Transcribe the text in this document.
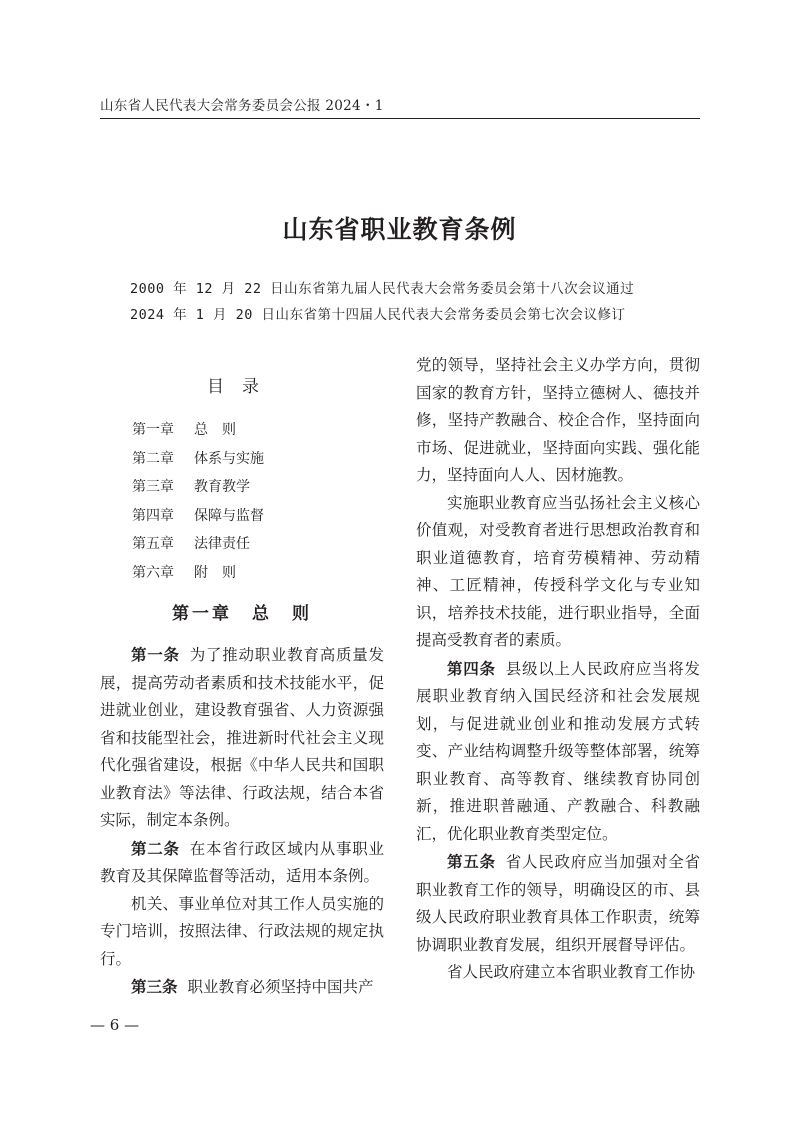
山东省人民代表大会常务委员会公报 2024・1
山东省职业教育条例
2000 年 12 月 22 日山东省第九届人民代表大会常务委员会第十八次会议通过
2024 年 1 月 20 日山东省第十四届人民代表大会常务委员会第七次会议修订
目录
第一章 总　则
第二章 体系与实施
第三章 教育教学
第四章 保障与监督
第五章 法律责任
第六章 附　则
第一章　总　则

第一条 为了推动职业教育高质量发展，提高劳动者素质和技术技能水平，促进就业创业，建设教育强省、人力资源强省和技能型社会，推进新时代社会主义现代化强省建设，根据《中华人民共和国职业教育法》等法律、行政法规，结合本省实际，制定本条例。

第二条 在本省行政区域内从事职业教育及其保障监督等活动，适用本条例。

机关、事业单位对其工作人员实施的专门培训，按照法律、行政法规的规定执行。

第三条 职业教育必须坚持中国共产

党的领导，坚持社会主义办学方向，贯彻国家的教育方针，坚持立德树人、德技并修，坚持产教融合、校企合作，坚持面向市场、促进就业，坚持面向实践、强化能力，坚持面向人人、因材施教。

实施职业教育应当弘扬社会主义核心价值观，对受教育者进行思想政治教育和职业道德教育，培育劳模精神、劳动精神、工匠精神，传授科学文化与专业知识，培养技术技能，进行职业指导，全面提高受教育者的素质。

第四条 县级以上人民政府应当将发展职业教育纳入国民经济和社会发展规划，与促进就业创业和推动发展方式转变、产业结构调整升级等整体部署，统筹职业教育、高等教育、继续教育协同创新，推进职普融通、产教融合、科教融汇，优化职业教育类型定位。

第五条 省人民政府应当加强对全省职业教育工作的领导，明确设区的市、县级人民政府职业教育具体工作职责，统筹协调职业教育发展，组织开展督导评估。

省人民政府建立本省职业教育工作协

— 6 —
